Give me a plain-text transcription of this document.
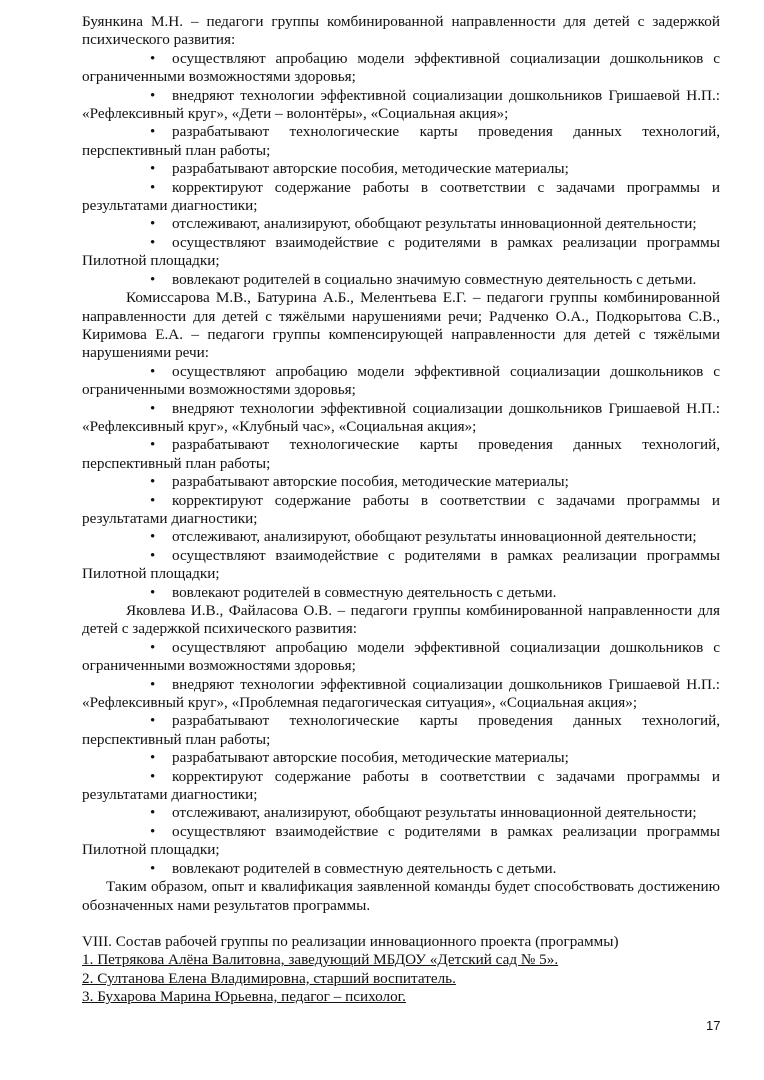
Буянкина М.Н. – педагоги группы комбинированной направленности для детей с задержкой психического развития:

• осуществляют апробацию модели эффективной социализации дошкольников с ограниченными возможностями здоровья;
• внедряют технологии эффективной социализации дошкольников Гришаевой Н.П.: «Рефлексивный круг», «Дети – волонтёры», «Социальная акция»;
• разрабатывают технологические карты проведения данных технологий, перспективный план работы;
• разрабатывают авторские пособия, методические материалы;
• корректируют содержание работы в соответствии с задачами программы и результатами диагностики;
• отслеживают, анализируют, обобщают результаты инновационной деятельности;
• осуществляют взаимодействие с родителями в рамках реализации программы Пилотной площадки;
• вовлекают родителей в социально значимую совместную деятельность с детьми.

Комиссарова М.В., Батурина А.Б., Мелентьева Е.Г. – педагоги группы комбинированной направленности для детей с тяжёлыми нарушениями речи; Радченко О.А., Подкорытова С.В., Киримова Е.А. – педагоги группы компенсирующей направленности для детей с тяжёлыми нарушениями речи:

• осуществляют апробацию модели эффективной социализации дошкольников с ограниченными возможностями здоровья;
• внедряют технологии эффективной социализации дошкольников Гришаевой Н.П.: «Рефлексивный круг», «Клубный час», «Социальная акция»;
• разрабатывают технологические карты проведения данных технологий, перспективный план работы;
• разрабатывают авторские пособия, методические материалы;
• корректируют содержание работы в соответствии с задачами программы и результатами диагностики;
• отслеживают, анализируют, обобщают результаты инновационной деятельности;
• осуществляют взаимодействие с родителями в рамках реализации программы Пилотной площадки;
• вовлекают родителей в совместную деятельность с детьми.

Яковлева И.В., Файласова О.В. – педагоги группы комбинированной направленности для детей с задержкой психического развития:

• осуществляют апробацию модели эффективной социализации дошкольников с ограниченными возможностями здоровья;
• внедряют технологии эффективной социализации дошкольников Гришаевой Н.П.: «Рефлексивный круг», «Проблемная педагогическая ситуация», «Социальная акция»;
• разрабатывают технологические карты проведения данных технологий, перспективный план работы;
• разрабатывают авторские пособия, методические материалы;
• корректируют содержание работы в соответствии с задачами программы и результатами диагностики;
• отслеживают, анализируют, обобщают результаты инновационной деятельности;
• осуществляют взаимодействие с родителями в рамках реализации программы Пилотной площадки;
• вовлекают родителей в совместную деятельность с детьми.

Таким образом, опыт и квалификация заявленной команды будет способствовать достижению обозначенных нами результатов программы.

VIII. Состав рабочей группы по реализации инновационного проекта (программы)

1. Петрякова Алёна Валитовна, заведующий МБДОУ «Детский сад № 5».
2. Султанова Елена Владимировна, старший воспитатель.
3. Бухарова Марина Юрьевна, педагог – психолог.
17
